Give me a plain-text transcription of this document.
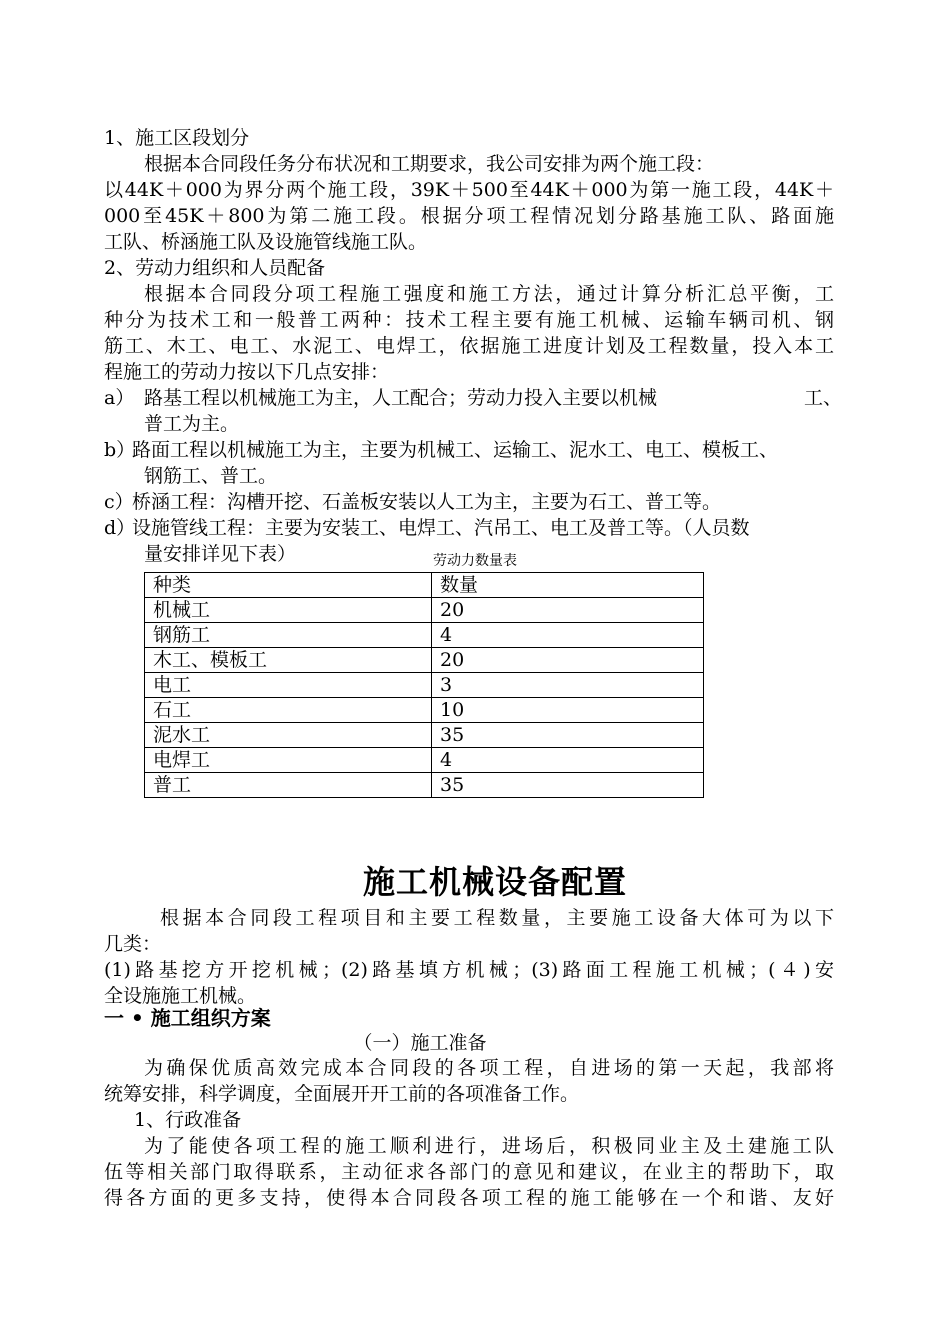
1、施工区段划分
根据本合同段任务分布状况和工期要求，我公司安排为两个施工段：
以44K＋000为界分两个施工段，39K＋500至44K＋000为第一施工段，44K＋
000至45K＋800为第二施工段。根据分项工程情况划分路基施工队、路面施
工队、桥涵施工队及设施管线施工队。
2、劳动力组织和人员配备
根据本合同段分项工程施工强度和施工方法，通过计算分析汇总平衡，工
种分为技术工和一般普工两种：技术工程主要有施工机械、运输车辆司机、钢
筋工、木工、电工、水泥工、电焊工，依据施工进度计划及工程数量，投入本工
程施工的劳动力按以下几点安排：
a） 路基工程以机械施工为主，人工配合；劳动力投入主要以机械	工、
普工为主。
b）
路面工程以机械施工为主，主要为机械工、运输工、泥水工、电工、模板工、
钢筋工、普工。
c）
桥涵工程：沟槽开挖、石盖板安装以人工为主，主要为石工、普工等。
d）
设施管线工程：主要为安装工、电焊工、汽吊工、电工及普工等。（人员数
量安排详见下表）	劳动力数量表
种类	数量
机械工	20
钢筋工	4
木工、模板工	20
电工	3
石工	10
泥水工	35
电焊工	4
普工	35
施工机械设备配置
根据本合同段工程项目和主要工程数量，主要施工设备大体可为以下
几类：
(1)路基挖方开挖机械；(2)路基填方机械；(3)路面工程施工机械；(４)安
全设施施工机械。
一 • 施工组织方案
（一）施工准备
为确保优质高效完成本合同段的各项工程，自进场的第一天起，我部将
统筹安排，科学调度，全面展开开工前的各项准备工作。
1、行政准备
为了能使各项工程的施工顺利进行，进场后，积极同业主及土建施工队
伍等相关部门取得联系，主动征求各部门的意见和建议，在业主的帮助下，取
得各方面的更多支持，使得本合同段各项工程的施工能够在一个和谐、友好
